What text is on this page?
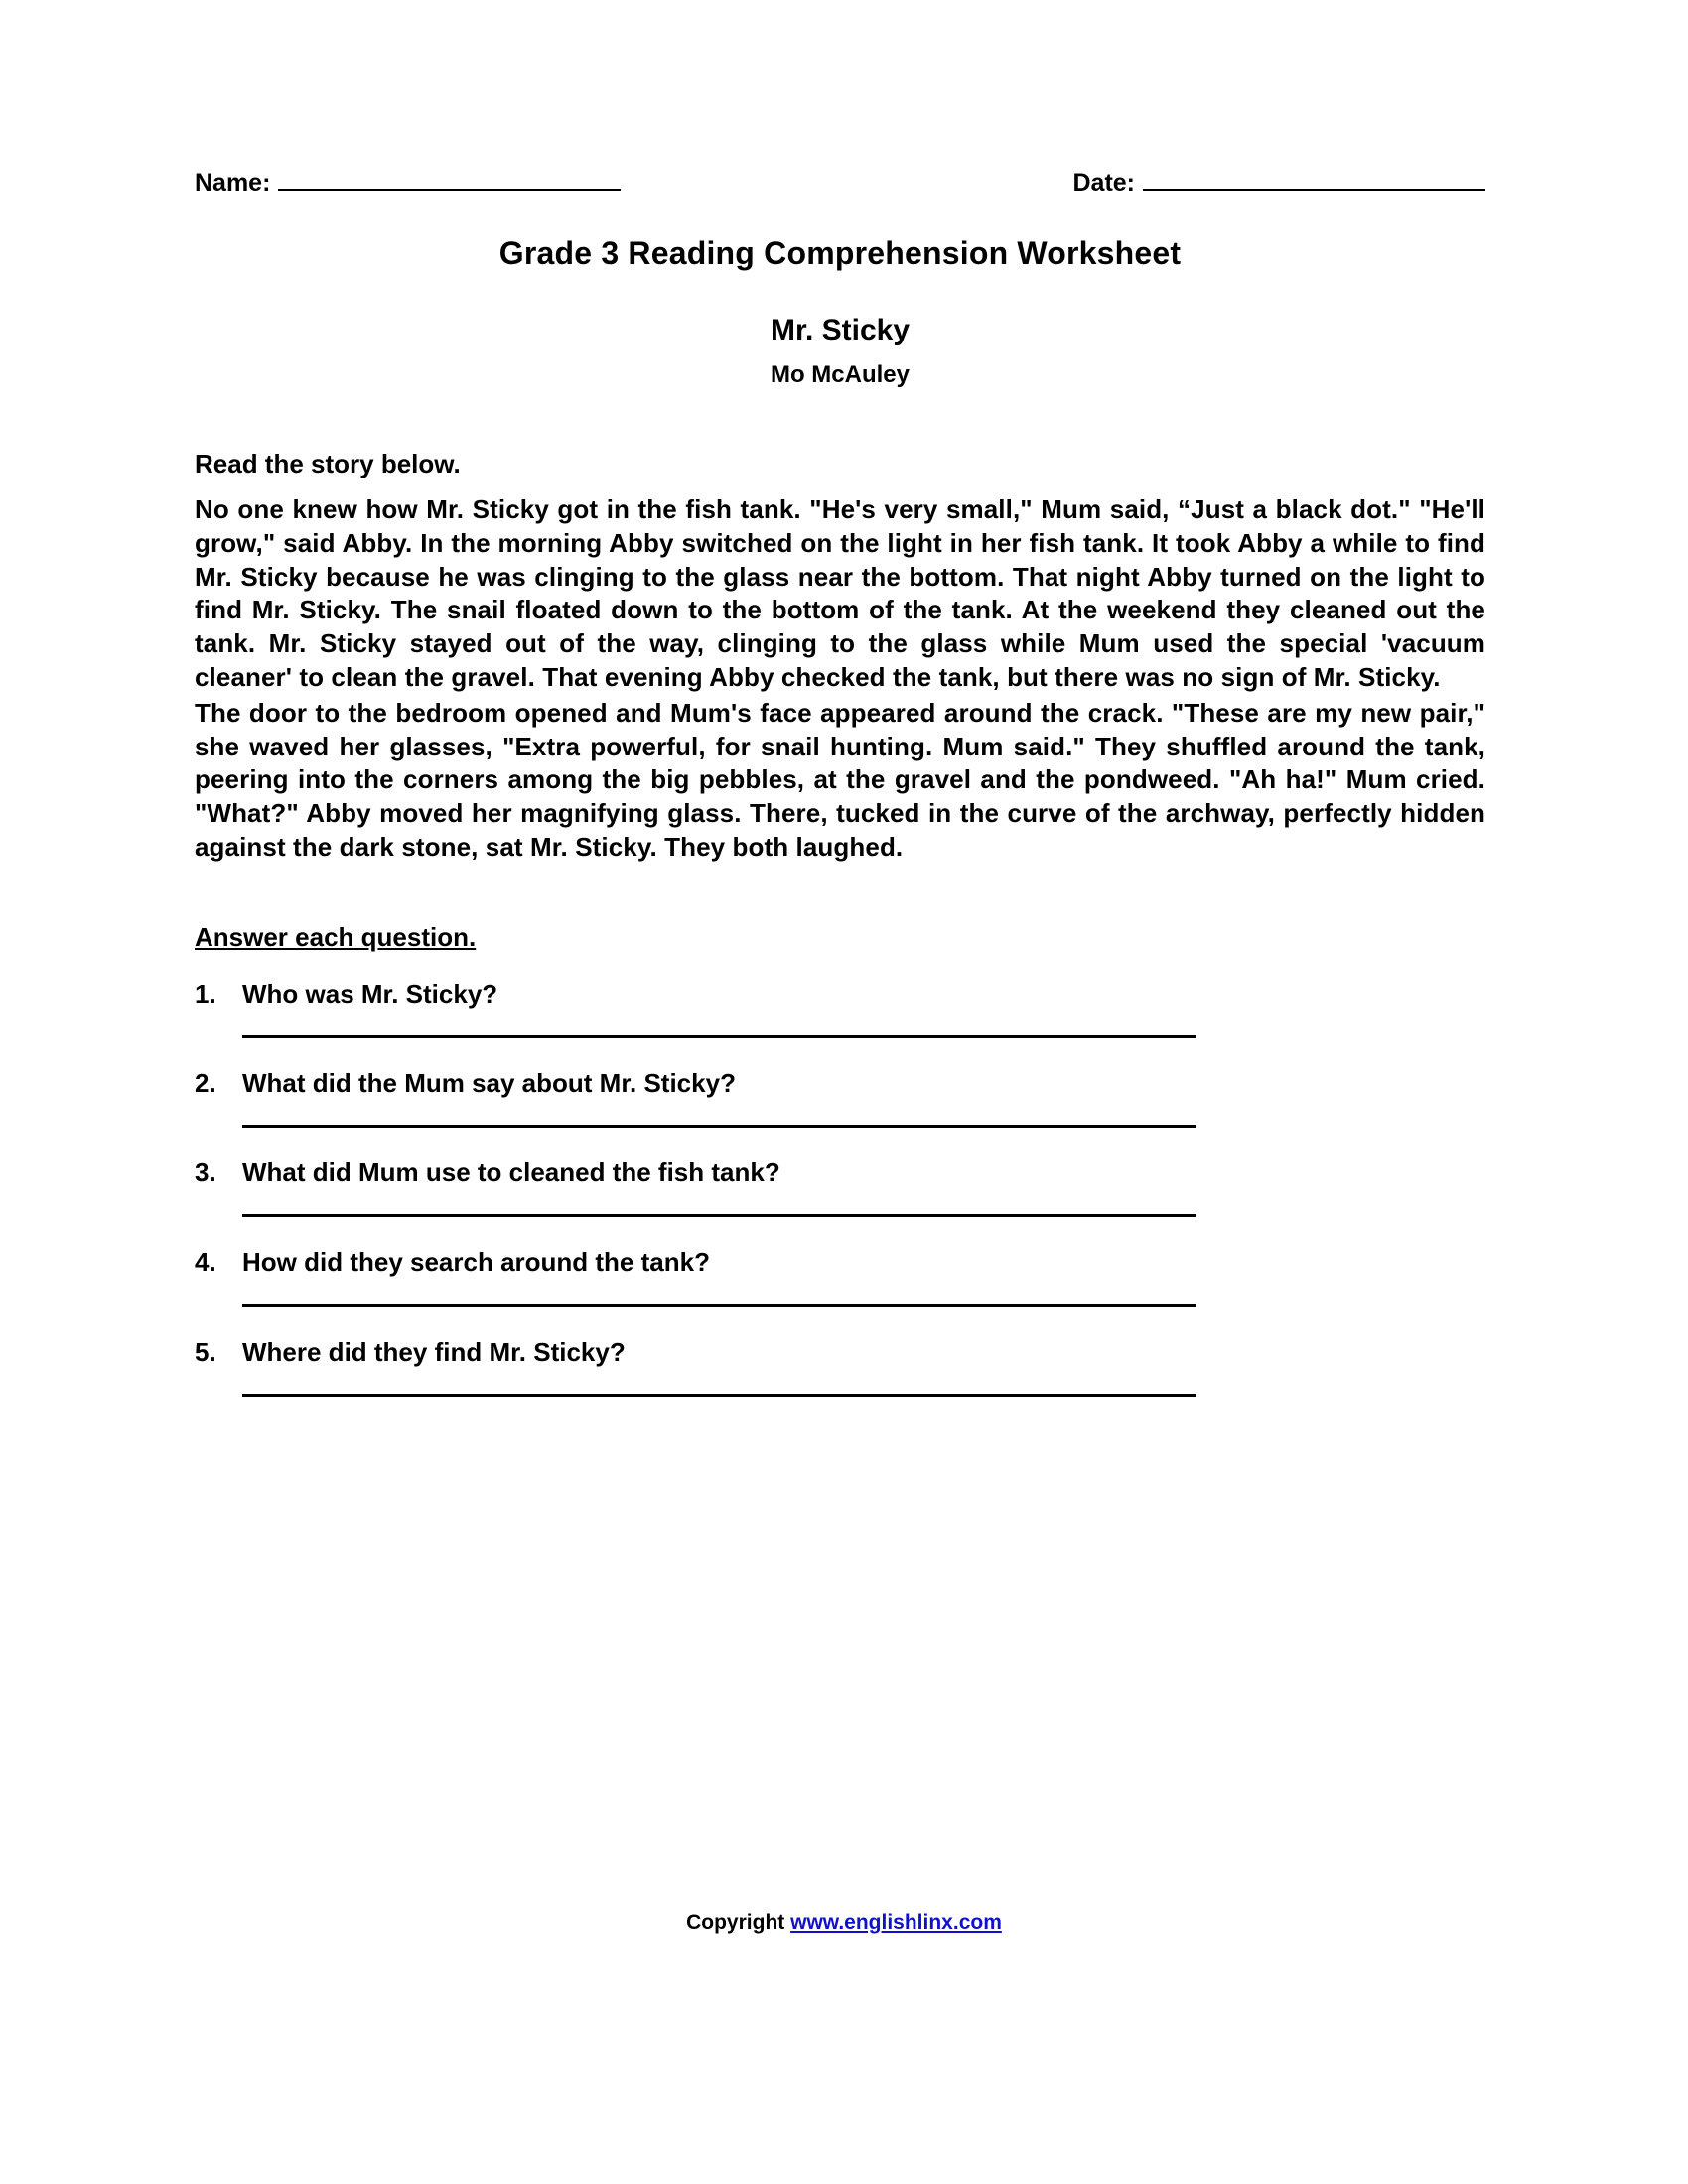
Name:	Date:
Grade 3 Reading Comprehension Worksheet
Mr. Sticky
Mo McAuley
Read the story below.

No one knew how Mr. Sticky got in the fish tank. "He's very small," Mum said, “Just a black dot." "He'll grow," said Abby. In the morning Abby switched on the light in her fish tank. It took Abby a while to find Mr. Sticky because he was clinging to the glass near the bottom. That night Abby turned on the light to find Mr. Sticky. The snail floated down to the bottom of the tank. At the weekend they cleaned out the tank. Mr. Sticky stayed out of the way, clinging to the glass while Mum used the special 'vacuum cleaner' to clean the gravel. That evening Abby checked the tank, but there was no sign of Mr. Sticky.

The door to the bedroom opened and Mum's face appeared around the crack. "These are my new pair," she waved her glasses, "Extra powerful, for snail hunting. Mum said." They shuffled around the tank, peering into the corners among the big pebbles, at the gravel and the pondweed. "Ah ha!" Mum cried. "What?" Abby moved her magnifying glass. There, tucked in the curve of the archway, perfectly hidden against the dark stone, sat Mr. Sticky. They both laughed.

Answer each question.
1.	Who was Mr. Sticky?
2.	What did the Mum say about Mr. Sticky?
3.	What did Mum use to cleaned the fish tank?
4.	How did they search around the tank?
5.	Where did they find Mr. Sticky?
Copyright www.englishlinx.com
